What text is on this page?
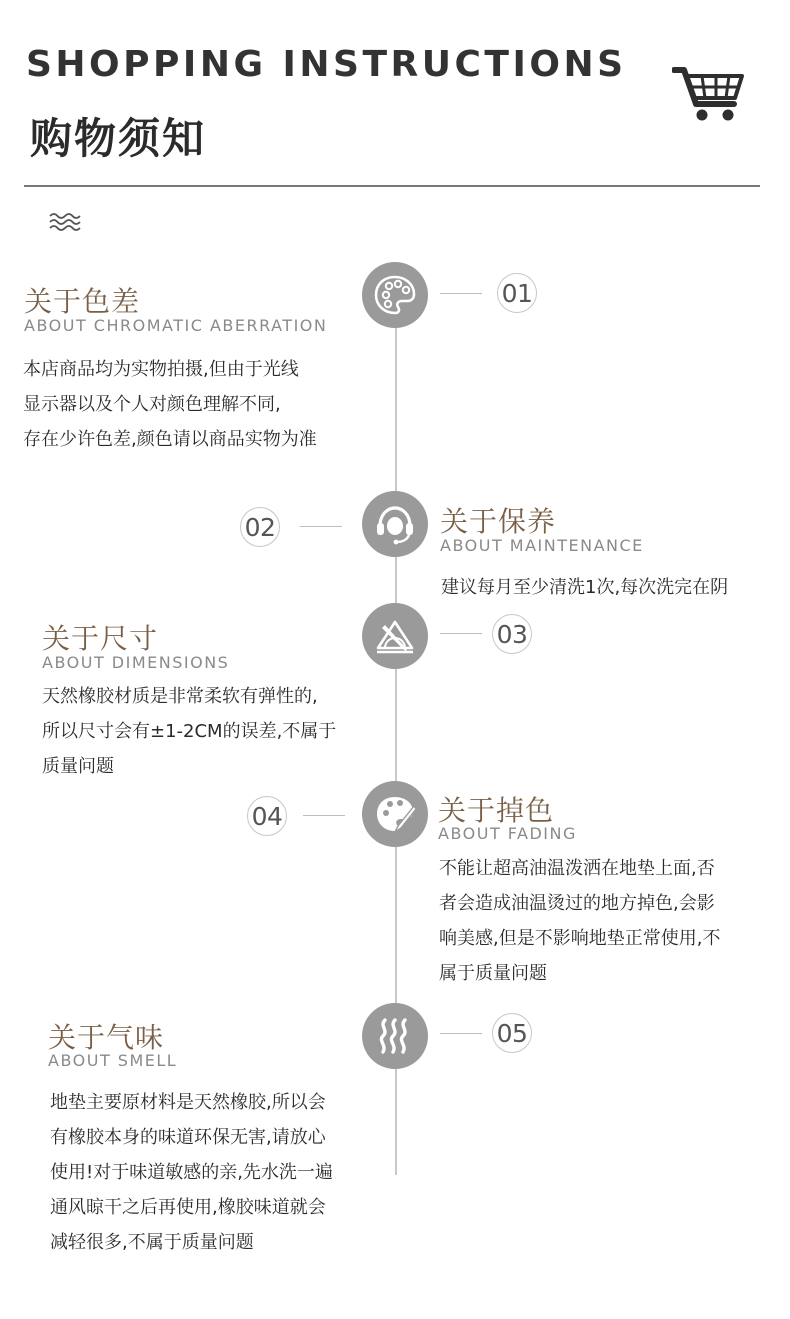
SHOPPING INSTRUCTIONS
购物须知
01
关于色差
ABOUT CHROMATIC ABERRATION

本店商品均为实物拍摄,但由于光线

显示器以及个人对颜色理解不同,

存在少许色差,颜色请以商品实物为准

02	关于保养
ABOUT MAINTENANCE

建议每月至少清洗1次,每次洗完在阴

03
关于尺寸
ABOUT DIMENSIONS

天然橡胶材质是非常柔软有弹性的,

所以尺寸会有±1-2CM的误差,不属于

质量问题

04	关于掉色
ABOUT FADING

不能让超高油温泼洒在地垫上面,否

者会造成油温烫过的地方掉色,会影

响美感,但是不影响地垫正常使用,不

属于质量问题

05
关于气味
ABOUT SMELL

地垫主要原材料是天然橡胶,所以会

有橡胶本身的味道环保无害,请放心

使用!对于味道敏感的亲,先水洗一遍

通风晾干之后再使用,橡胶味道就会

减轻很多,不属于质量问题
